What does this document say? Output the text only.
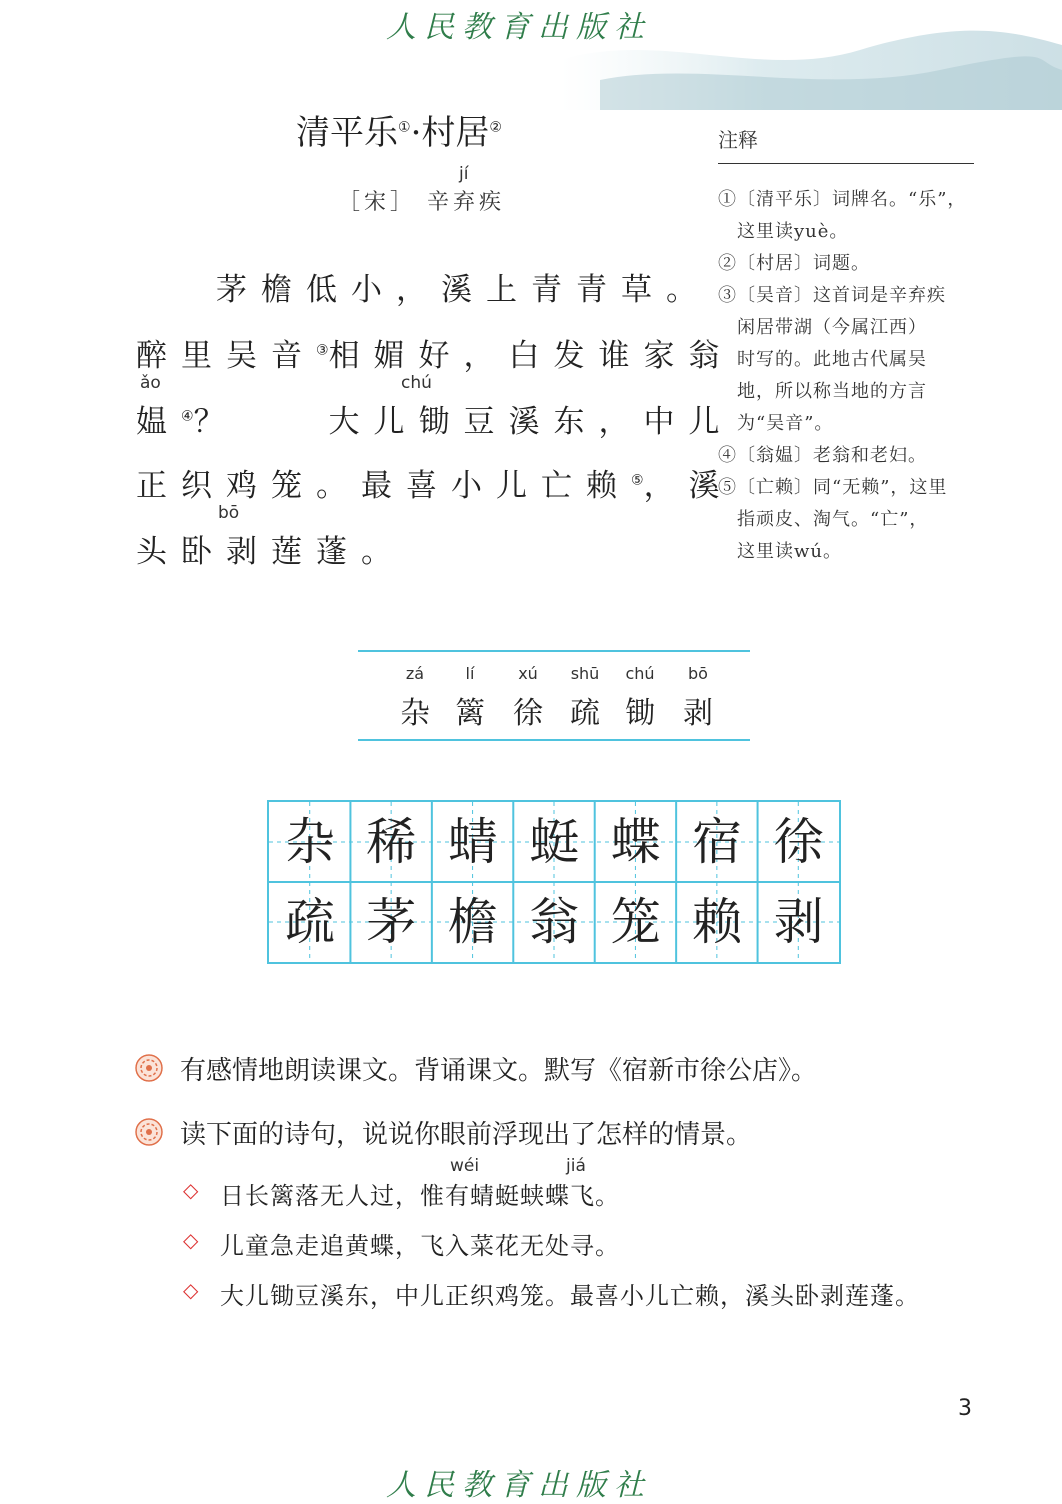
人民教育出版社
清平乐①·村居②
jí
［宋］ 辛弃疾
茅檐低小，溪上青青草。
醉里吴音③相媚好，白发谁家翁
ǎo	chú
媪④？　　大儿锄豆溪东，中儿
正织鸡笼。最喜小儿亡赖⑤，溪
bō
头卧剥莲蓬。
注释
①〔清平乐〕词牌名。“乐”，
　这里读yuè。
②〔村居〕词题。
③〔吴音〕这首词是辛弃疾
　闲居带湖（今属江西）
　时写的。此地古代属吴
　地，所以称当地的方言
　为“吴音”。
④〔翁媪〕老翁和老妇。
⑤〔亡赖〕同“无赖”，这里
　指顽皮、淘气。“亡”，
　这里读wú。
zá
杂
lí
篱
xú
徐
shū
疏
chú
锄
bō
剥
杂 稀 蜻 蜓 蝶 宿 徐
疏 茅 檐 翁 笼 赖 剥
有感情地朗读课文。背诵课文。默写《宿新市徐公店》。
读下面的诗句，说说你眼前浮现出了怎样的情景。
◇
wéi	jiá
日长篱落无人过，惟有蜻蜓蛱蝶飞。
◇ 儿童急走追黄蝶，飞入菜花无处寻。
◇ 大儿锄豆溪东，中儿正织鸡笼。最喜小儿亡赖，溪头卧剥莲蓬。
3
人民教育出版社
